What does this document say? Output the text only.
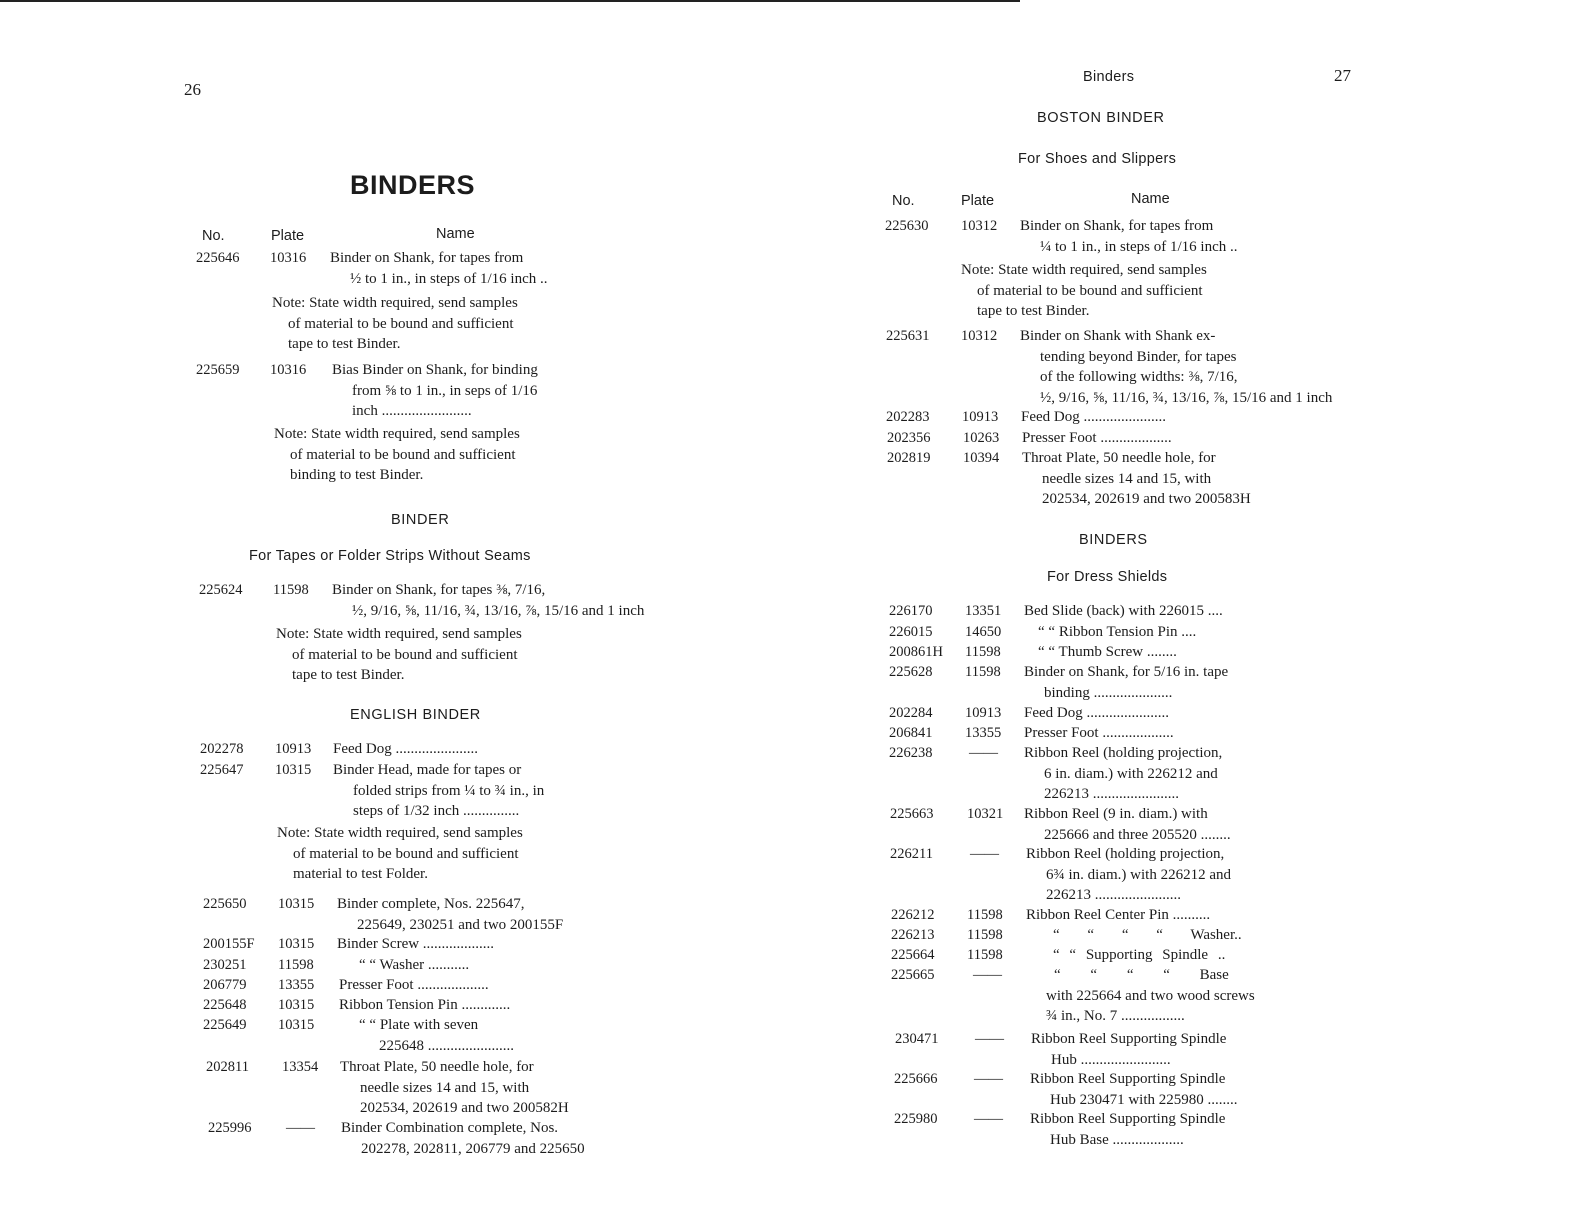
26
BINDERS
No.	Plate	Name
225646 10316 Binder on Shank, for tapes from
½ to 1 in., in steps of 1/16 inch ..
Note: State width required, send samples
of material to be bound and sufficient
tape to test Binder.
225659 10316 Bias Binder on Shank, for binding
from ⅝ to 1 in., in seps of 1/16
inch ........................
Note: State width required, send samples
of material to be bound and sufficient
binding to test Binder.
BINDER
For Tapes or Folder Strips Without Seams
225624 11598 Binder on Shank, for tapes ⅜, 7/16,
½, 9/16, ⅝, 11/16, ¾, 13/16, ⅞, 15/16 and 1 inch
Note: State width required, send samples
of material to be bound and sufficient
tape to test Binder.
ENGLISH BINDER
202278 10913 Feed Dog ......................
225647 10315 Binder Head, made for tapes or
folded strips from ¼ to ¾ in., in
steps of 1/32 inch ...............
Note: State width required, send samples
of material to be bound and sufficient
material to test Folder.
225650 10315 Binder complete, Nos. 225647,
225649, 230251 and two 200155F
200155F 10315 Binder Screw ...................
230251 11598	“ “ Washer ...........
206779 13355 Presser Foot ...................
225648 10315 Ribbon Tension Pin .............
225649 10315	“ “ Plate with seven
225648 .......................
202811 13354 Throat Plate, 50 needle hole, for
needle sizes 14 and 15, with
202534, 202619 and two 200582H
225996 —— Binder Combination complete, Nos.
202278, 202811, 206779 and 225650
Binders	27
BOSTON BINDER
For Shoes and Slippers
No.	Plate	Name
225630 10312 Binder on Shank, for tapes from
¼ to 1 in., in steps of 1/16 inch ..
Note: State width required, send samples
of material to be bound and sufficient
tape to test Binder.
225631 10312 Binder on Shank with Shank ex-
tending beyond Binder, for tapes
of the following widths: ⅜, 7/16,
½, 9/16, ⅝, 11/16, ¾, 13/16, ⅞, 15/16 and 1 inch
202283 10913 Feed Dog ......................
202356 10263 Presser Foot ...................
202819 10394 Throat Plate, 50 needle hole, for
needle sizes 14 and 15, with
202534, 202619 and two 200583H
BINDERS
For Dress Shields
226170 13351 Bed Slide (back) with 226015 ....
226015 14650 “ “ Ribbon Tension Pin ....
200861H 11598 “ “ Thumb Screw ........
225628 11598 Binder on Shank, for 5/16 in. tape
binding .....................
202284 10913 Feed Dog ......................
206841 13355 Presser Foot ...................
226238	—— Ribbon Reel (holding projection,
6 in. diam.) with 226212 and
226213 .......................
225663 10321 Ribbon Reel (9 in. diam.) with
225666 and three 205520 ........
226211	—— Ribbon Reel (holding projection,
6¾ in. diam.) with 226212 and
226213 .......................
226212 11598 Ribbon Reel Center Pin ..........
226213 11598	“ “ “ “ Washer..
225664 11598	“ “ Supporting Spindle ..
225665	——	“ “ “ “ Base
with 225664 and two wood screws
¾ in., No. 7 .................
230471	—— Ribbon Reel Supporting Spindle
Hub ........................
225666	—— Ribbon Reel Supporting Spindle
Hub 230471 with 225980 ........
225980	—— Ribbon Reel Supporting Spindle
Hub Base ...................
